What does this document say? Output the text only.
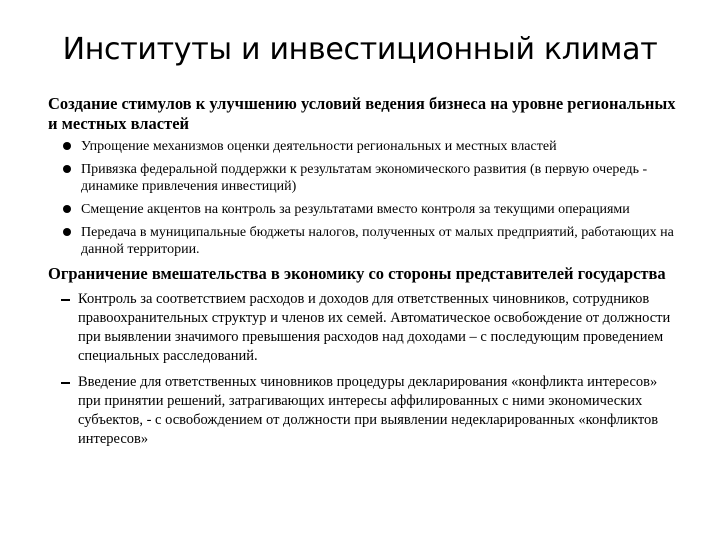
Институты и инвестиционный климат

Создание стимулов к улучшению условий ведения бизнеса на уровне региональных и местных властей

Упрощение механизмов оценки деятельности региональных и местных властей
Привязка федеральной поддержки к результатам экономического развития (в первую очередь - динамике привлечения инвестиций)
Смещение акцентов на контроль за результатами вместо контроля за текущими операциями
Передача в муниципальные бюджеты налогов, полученных от малых предприятий, работающих на данной территории.

Ограничение вмешательства в экономику со стороны представителей государства

Контроль за соответствием расходов и доходов для ответственных чиновников, сотрудников правоохранительных структур и членов их семей. Автоматическое освобождение от должности при выявлении значимого превышения расходов над доходами – с последующим проведением специальных расследований.
Введение для ответственных чиновников процедуры декларирования «конфликта интересов» при принятии решений, затрагивающих интересы аффилированных с ними экономических субъектов, - с освобождением от должности при выявлении недекларированных «конфликтов интересов»
